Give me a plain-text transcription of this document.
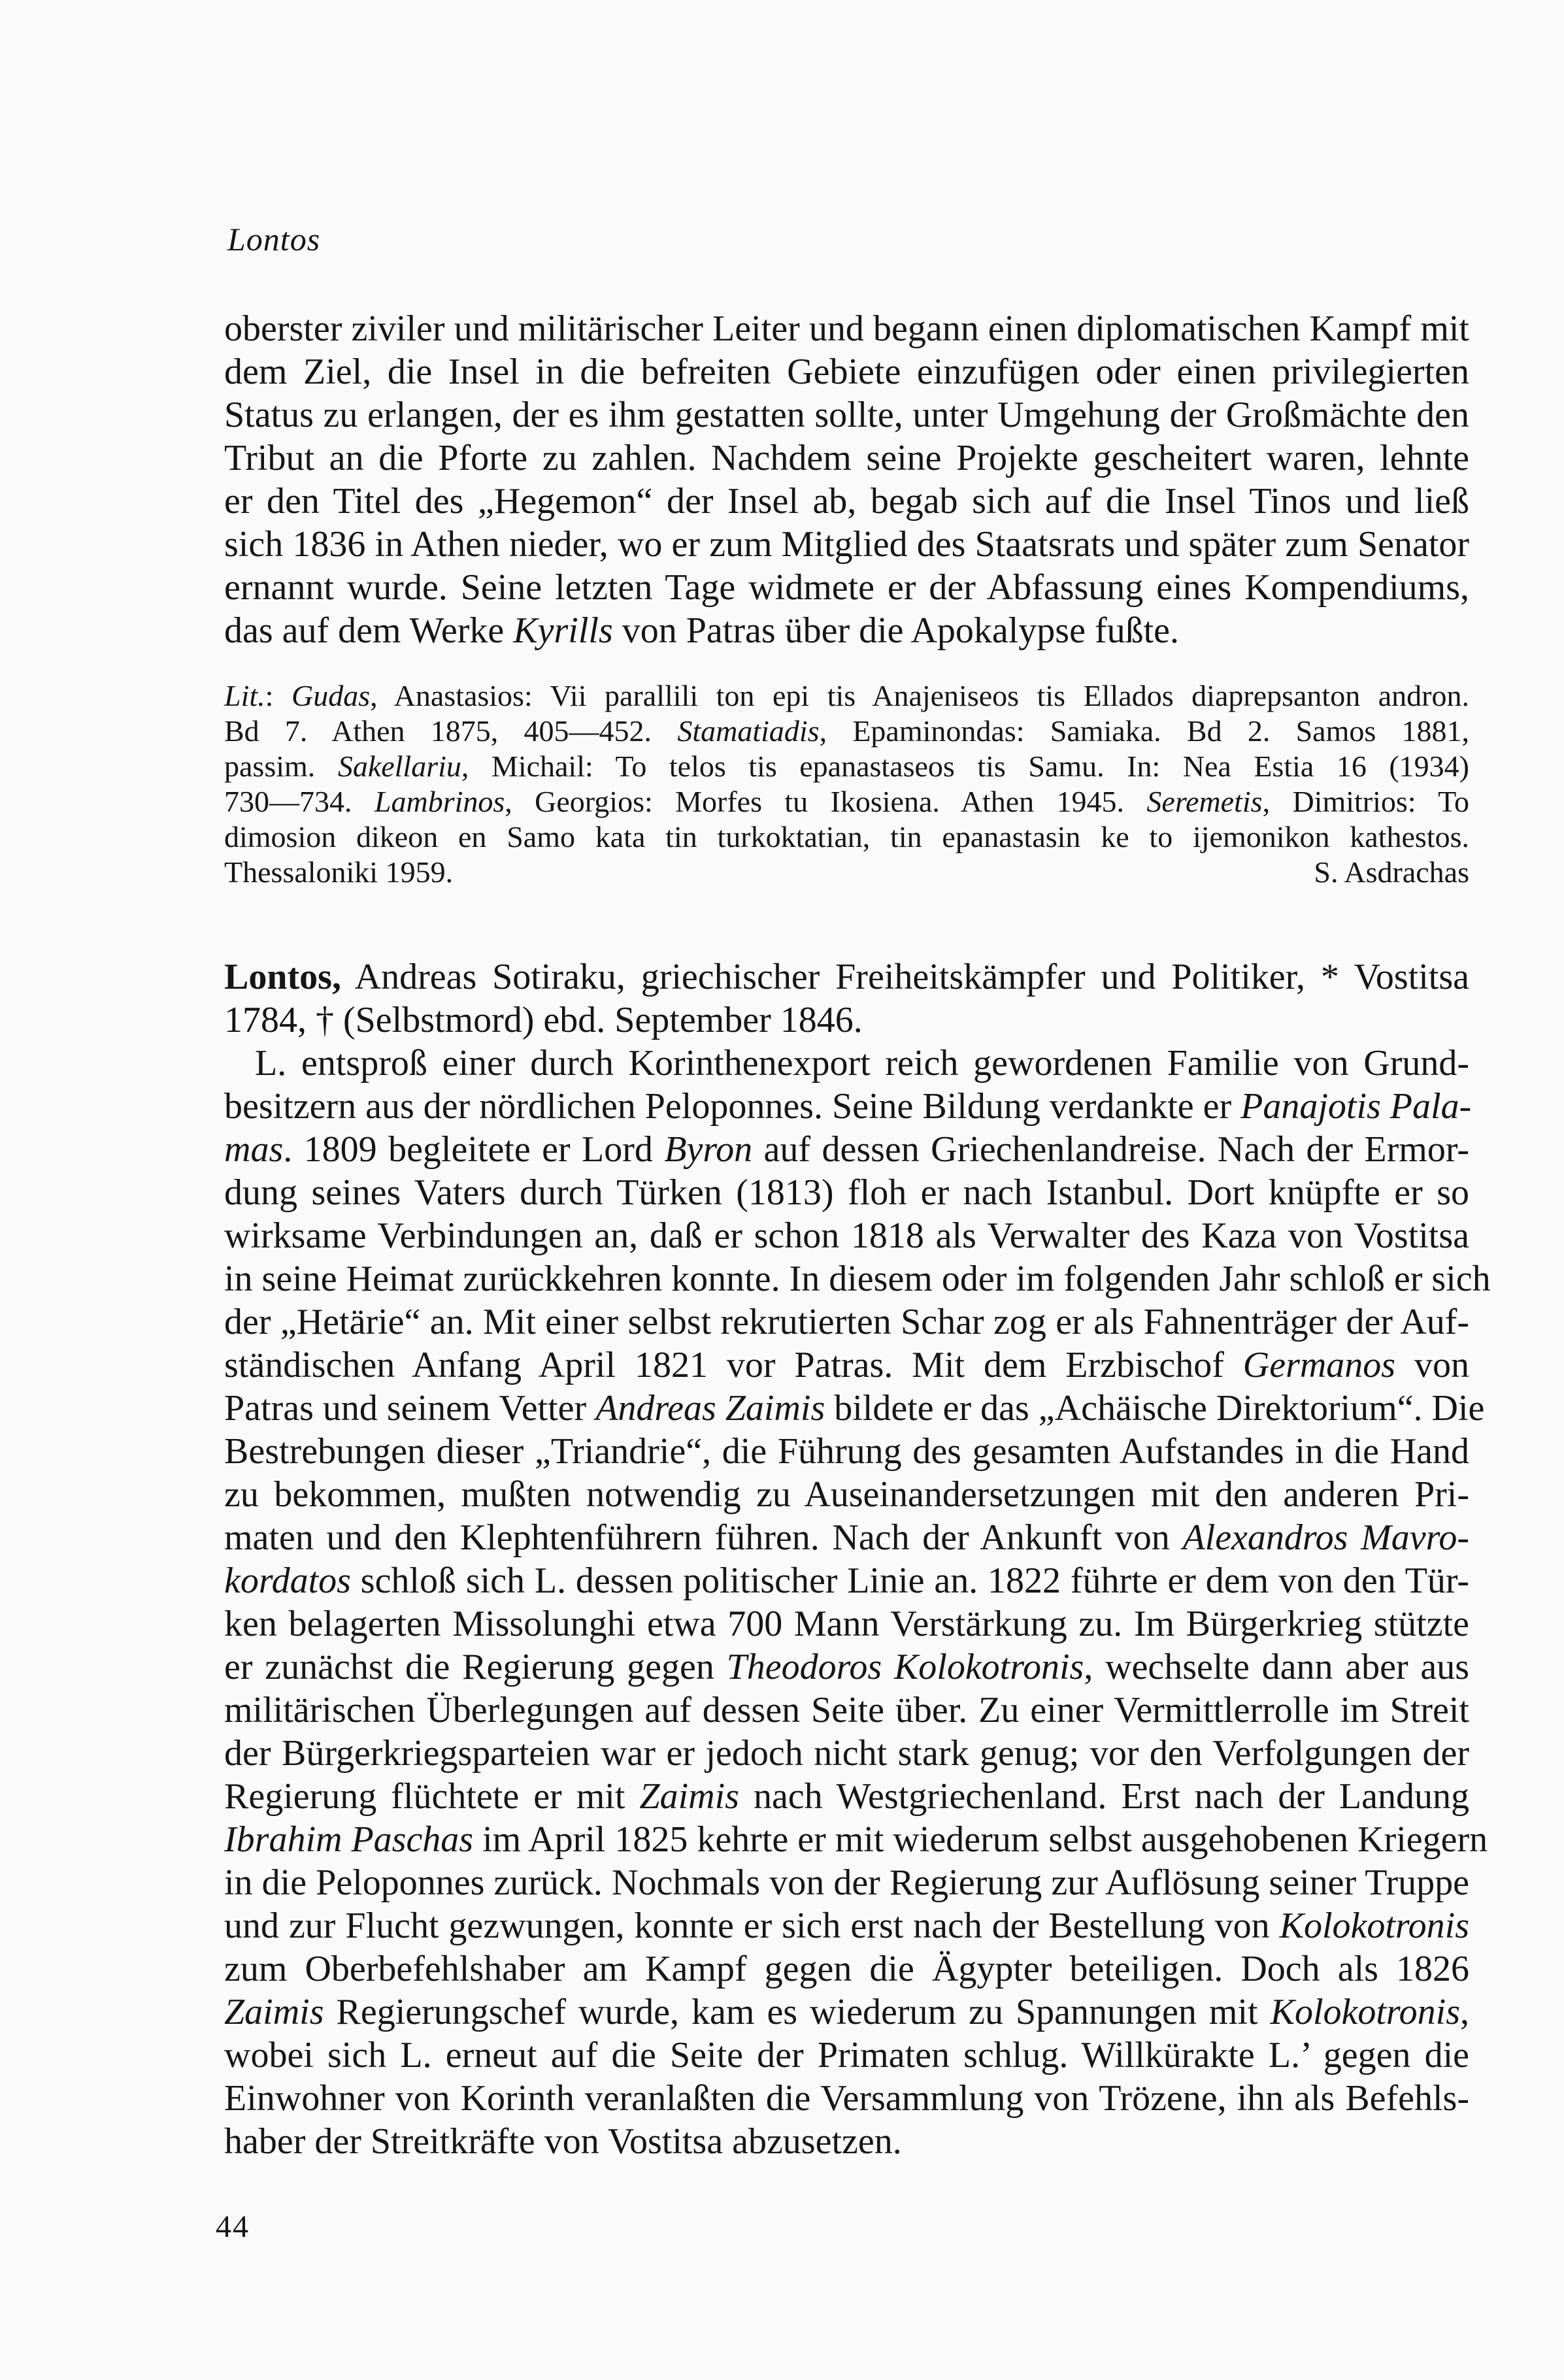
Lontos
oberster ziviler und militärischer Leiter und begann einen diplomatischen Kampf mit
dem Ziel, die Insel in die befreiten Gebiete einzufügen oder einen privilegierten
Status zu erlangen, der es ihm gestatten sollte, unter Umgehung der Großmächte den
Tribut an die Pforte zu zahlen. Nachdem seine Projekte gescheitert waren, lehnte
er den Titel des „Hegemon“ der Insel ab, begab sich auf die Insel Tinos und ließ
sich 1836 in Athen nieder, wo er zum Mitglied des Staatsrats und später zum Senator
ernannt wurde. Seine letzten Tage widmete er der Abfassung eines Kompendiums,
das auf dem Werke Kyrills von Patras über die Apokalypse fußte.
Lit.: Gudas, Anastasios: Vii parallili ton epi tis Anajeniseos tis Ellados diaprepsanton andron.
Bd 7. Athen 1875, 405—452. Stamatiadis, Epaminondas: Samiaka. Bd 2. Samos 1881,
passim. Sakellariu, Michail: To telos tis epanastaseos tis Samu. In: Nea Estia 16 (1934)
730—734. Lambrinos, Georgios: Morfes tu Ikosiena. Athen 1945. Seremetis, Dimitrios: To
dimosion dikeon en Samo kata tin turkoktatian, tin epanastasin ke to ijemonikon kathestos.
Thessaloniki 1959.	S. Asdrachas
Lontos, Andreas Sotiraku, griechischer Freiheitskämpfer und Politiker, * Vostitsa
1784, † (Selbstmord) ebd. September 1846.
L. entsproß einer durch Korinthenexport reich gewordenen Familie von Grund-
besitzern aus der nördlichen Peloponnes. Seine Bildung verdankte er Panajotis Pala-
mas. 1809 begleitete er Lord Byron auf dessen Griechenlandreise. Nach der Ermor-
dung seines Vaters durch Türken (1813) floh er nach Istanbul. Dort knüpfte er so
wirksame Verbindungen an, daß er schon 1818 als Verwalter des Kaza von Vostitsa
in seine Heimat zurückkehren konnte. In diesem oder im folgenden Jahr schloß er sich
der „Hetärie“ an. Mit einer selbst rekrutierten Schar zog er als Fahnenträger der Auf-
ständischen Anfang April 1821 vor Patras. Mit dem Erzbischof Germanos von
Patras und seinem Vetter Andreas Zaimis bildete er das „Achäische Direktorium“. Die
Bestrebungen dieser „Triandrie“, die Führung des gesamten Aufstandes in die Hand
zu bekommen, mußten notwendig zu Auseinandersetzungen mit den anderen Pri-
maten und den Klephtenführern führen. Nach der Ankunft von Alexandros Mavro-
kordatos schloß sich L. dessen politischer Linie an. 1822 führte er dem von den Tür-
ken belagerten Missolunghi etwa 700 Mann Verstärkung zu. Im Bürgerkrieg stützte
er zunächst die Regierung gegen Theodoros Kolokotronis, wechselte dann aber aus
militärischen Überlegungen auf dessen Seite über. Zu einer Vermittlerrolle im Streit
der Bürgerkriegsparteien war er jedoch nicht stark genug; vor den Verfolgungen der
Regierung flüchtete er mit Zaimis nach Westgriechenland. Erst nach der Landung
Ibrahim Paschas im April 1825 kehrte er mit wiederum selbst ausgehobenen Kriegern
in die Peloponnes zurück. Nochmals von der Regierung zur Auflösung seiner Truppe
und zur Flucht gezwungen, konnte er sich erst nach der Bestellung von Kolokotronis
zum Oberbefehlshaber am Kampf gegen die Ägypter beteiligen. Doch als 1826
Zaimis Regierungschef wurde, kam es wiederum zu Spannungen mit Kolokotronis,
wobei sich L. erneut auf die Seite der Primaten schlug. Willkürakte L.’ gegen die
Einwohner von Korinth veranlaßten die Versammlung von Trözene, ihn als Befehls-
haber der Streitkräfte von Vostitsa abzusetzen.
44
